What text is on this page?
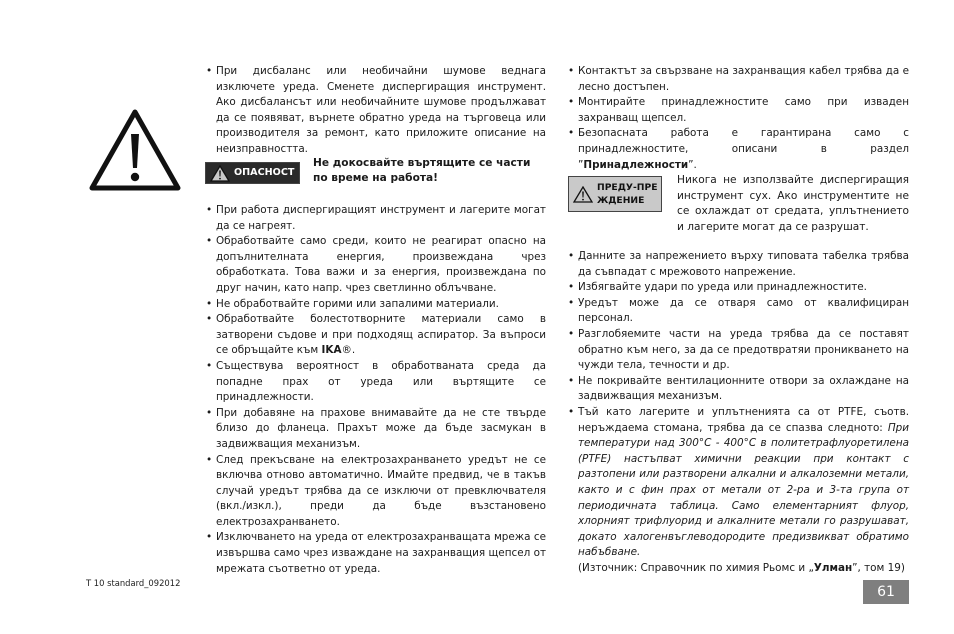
• При дисбаланс или необичайни шумове веднага изключете уреда. Сменете диспергиращия инструмент. Ако дисбалансът или необичайните шумове продължават да се появяват, върнете обратно уреда на търговеца или производителя за ремонт, като приложите описание на неизправността.

ОПАСНОСТ
Не докосвайте въртящите се части по време на работа!

• При работа диспергиращият инструмент и лагерите могат да се нагреят.

• Обработвайте само среди, които не реагират опасно на допълнителната енергия, произвеждана чрез обработката. Това важи и за енергия, произвеждана по друг начин, като напр. чрез светлинно облъчване.

• Не обработвайте горими или запалими материали.

• Обработвайте болестотворните материали само в затворени съдове и при подходящ аспиратор. За въпроси се обръщайте към IKA®.

• Съществува вероятност в обработваната среда да попадне прах от уреда или въртящите се принадлежности.

• При добавяне на прахове внимавайте да не сте твърде близо до фланеца. Прахът може да бъде засмукан в задвижващия механизъм.

• След прекъсване на електрозахранването уредът не се включва отново автоматично. Имайте предвид, че в такъв случай уредът трябва да се изключи от превключвателя (вкл./изкл.), преди да бъде възстановено електрозахранването.

• Изключването на уреда от електрозахранващата мрежа се извършва само чрез изваждане на захранващия щепсел от мрежата съответно от уреда.

• Контактът за свързване на захранващия кабел трябва да е лесно достъпен.

• Монтирайте принадлежностите само при изваден захранващ щепсел.

• Безопасната работа е гарантирана само с принадлежностите, описани в раздел ”Принадлежности”.

ПРЕДУ-ПРЕЖДЕНИЕ
Никога не използвайте диспергиращия инструмент сух. Ако инструментите не се охлаждат от средата, уплътнението и лагерите могат да се разрушат.

• Данните за напрежението върху типовата табелка трябва да съвпадат с мрежовото напрежение.

• Избягвайте удари по уреда или принадлежностите.

• Уредът може да се отваря само от квалифициран персонал.

• Разглобяемите части на уреда трябва да се поставят обратно към него, за да се предотвратяи проникването на чужди тела, течности и др.

• Не покривайте вентилационните отвори за охлаждане на задвижващия механизъм.

• Тъй като лагерите и уплътненията са от PTFE, съотв. неръждаема стомана, трябва да се спазва следното: При температури над 300°C - 400°C в политетрафлуоретилена (PTFE) настъпват химични реакции при контакт с разтопени или разтворени алкални и алкалоземни метали, както и с фин прах от метали от 2-ра и 3-та група от периодичната таблица. Само елементарният флуор, хлорният трифлуорид и алкалните метали го разрушават, докато халогенвъглеводородите предизвикват обратимо набъбване.
(Източник: Справочник по химия Рьомс и „Улман”, том 19)

T 10 standard_092012
61
